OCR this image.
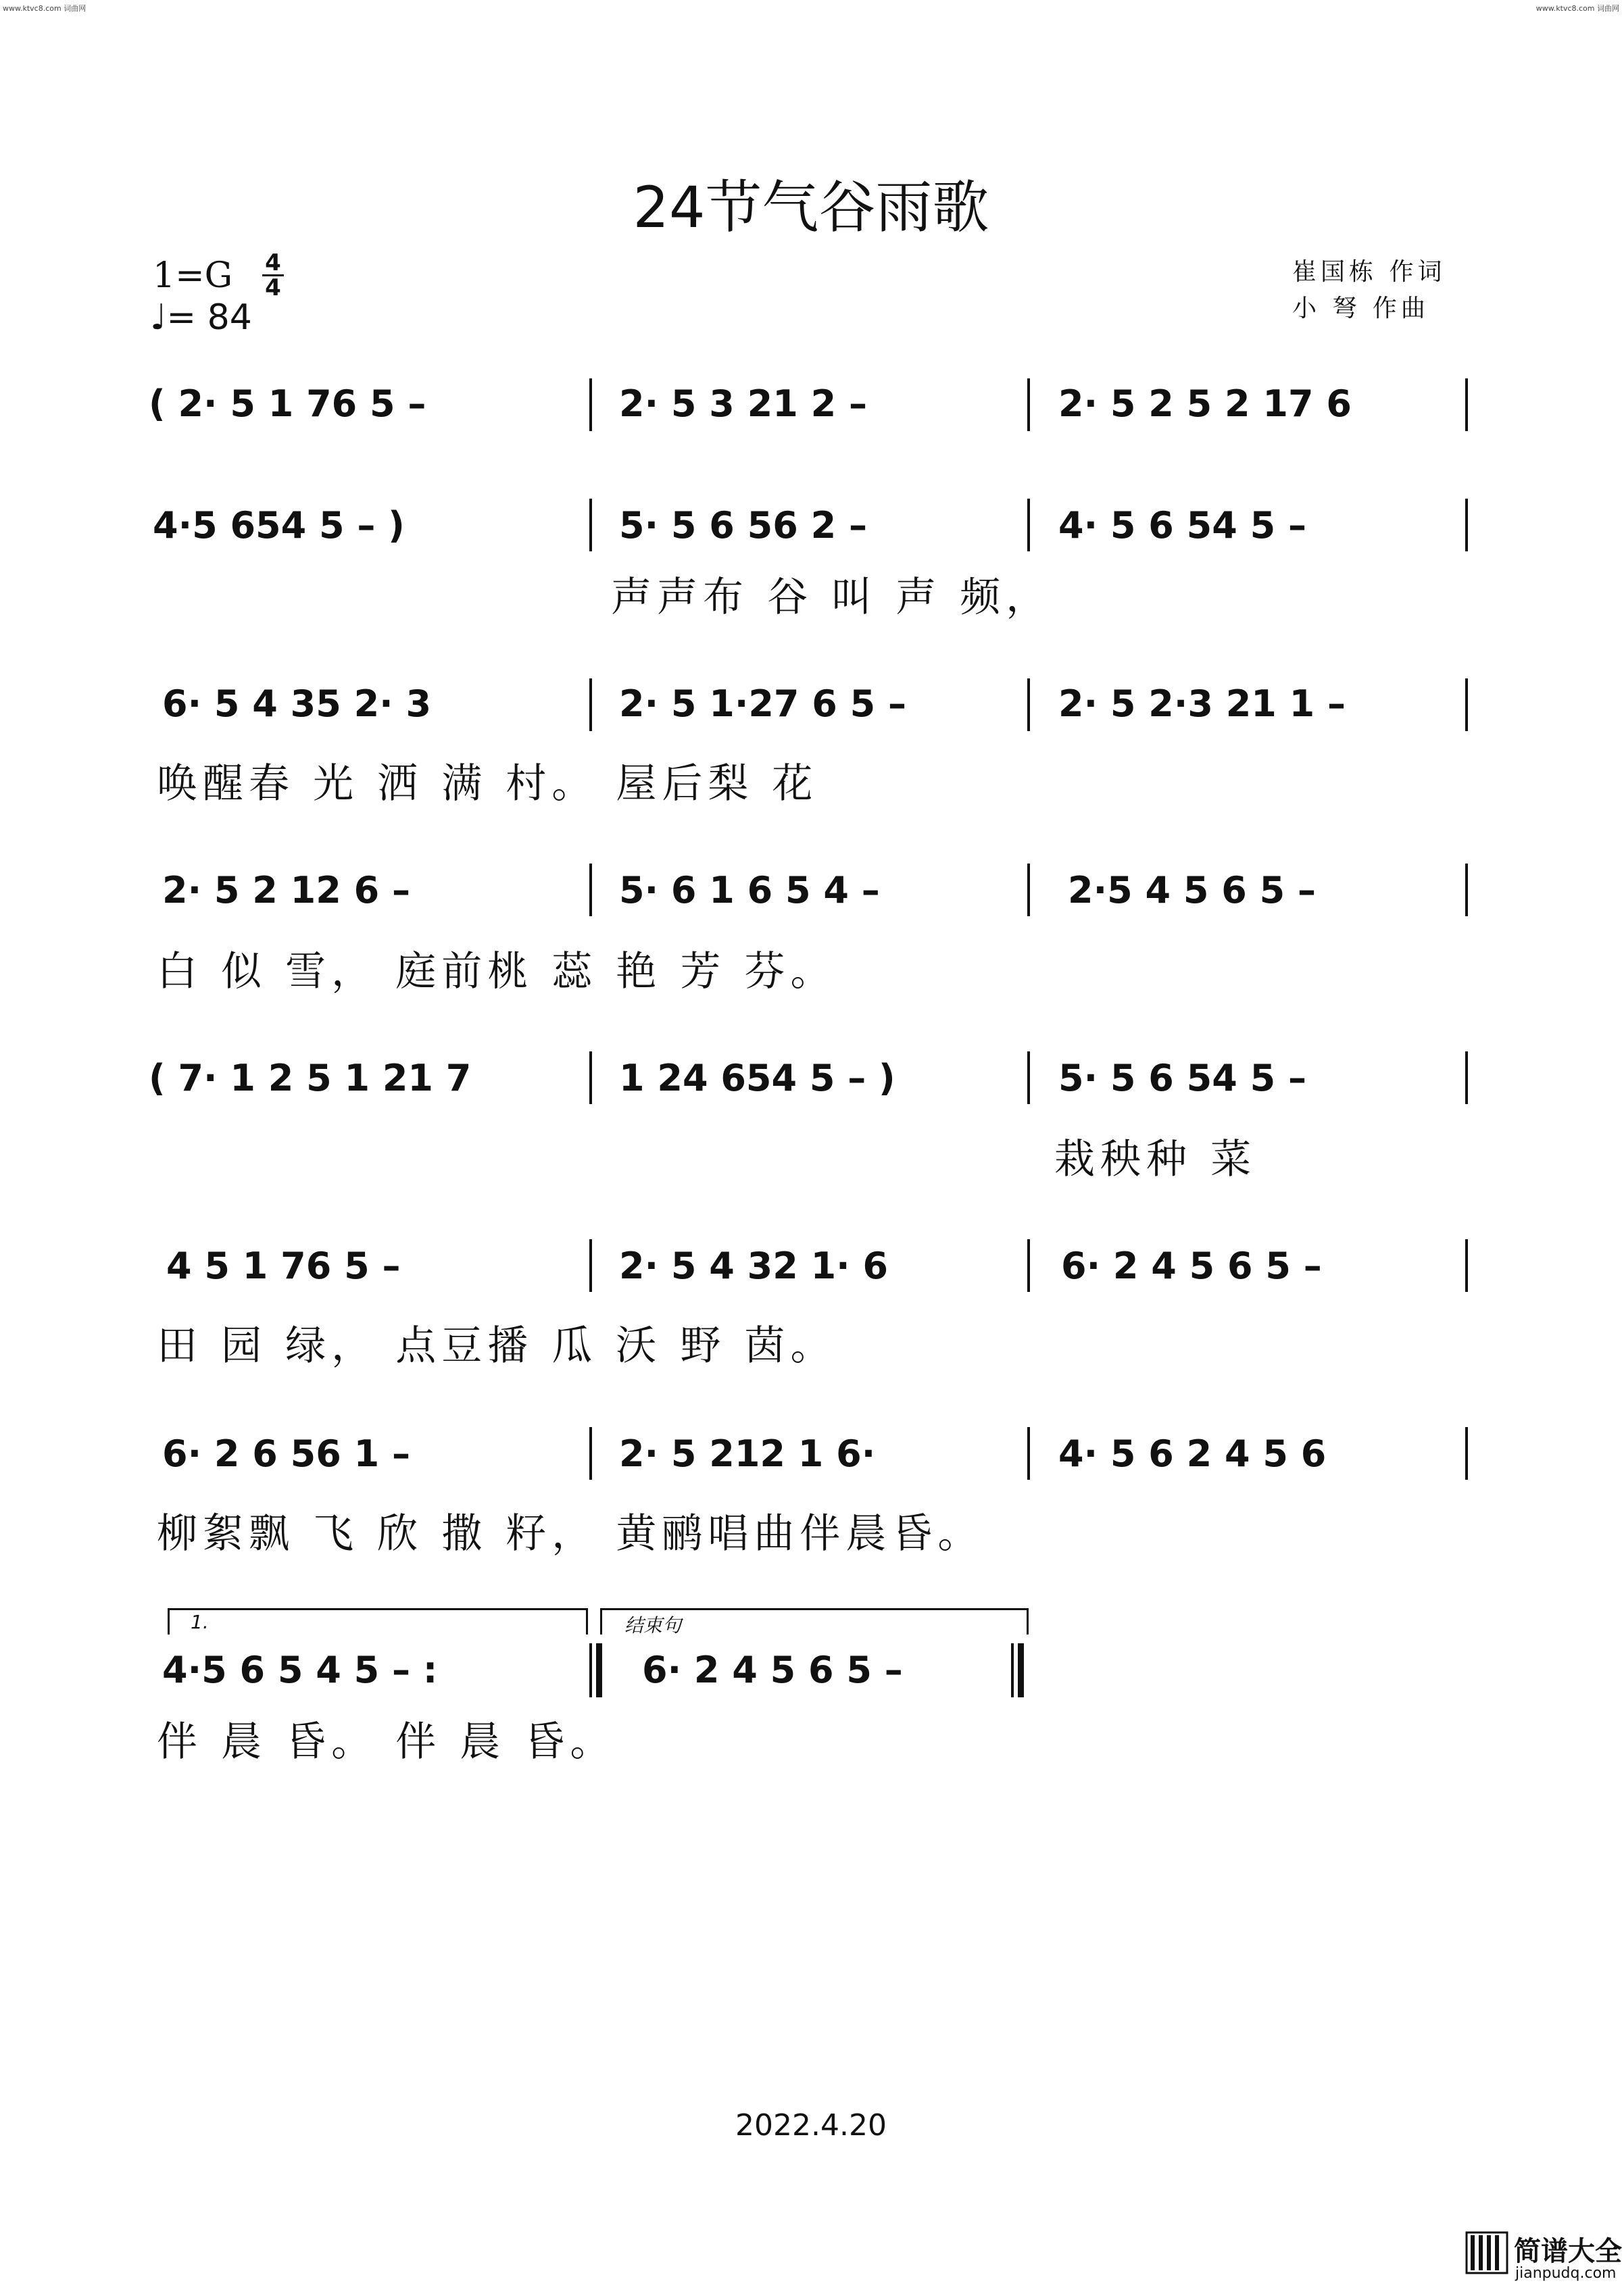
www.ktvc8.com 词曲网	www.ktvc8.com 词曲网
24节气谷雨歌
1=G 4
4
♩= 84
崔国栋 作词
小 弩 作曲
( 2· 5 1 76 5 –	2· 5 3 21 2 –	2· 5 2 5 2 17 6
4·5 654 5 – )	5· 5 6 56 2 –	4· 5 6 54 5 –
声声布 谷 叫 声 频，
6· 5 4 35 2· 3	2· 5 1·27 6 5 –	2· 5 2·3 21 1 –
唤醒春 光 洒 满 村。 屋后梨 花
2· 5 2 12 6 –	5· 6 1 6 5 4 –	2·5 4 5 6 5 –
白 似 雪， 庭前桃 蕊 艳 芳 芬。
( 7· 1 2 5 1 21 7	1 24 654 5 – )	5· 5 6 54 5 –
栽秧种 菜
4 5 1 76 5 –	2· 5 4 32 1· 6	6· 2 4 5 6 5 –
田 园 绿， 点豆播 瓜 沃 野 茵。
6· 2 6 56 1 –	2· 5 212 1 6·	4· 5 6 2 4 5 6
柳絮飘 飞 欣 撒 籽， 黄鹂唱曲伴晨昏。
1.	结束句
4·5 6 5 4 5 – :	6· 2 4 5 6 5 –
伴 晨 昏。 伴 晨 昏。
2022.4.20
简谱大全
jianpudq.com
